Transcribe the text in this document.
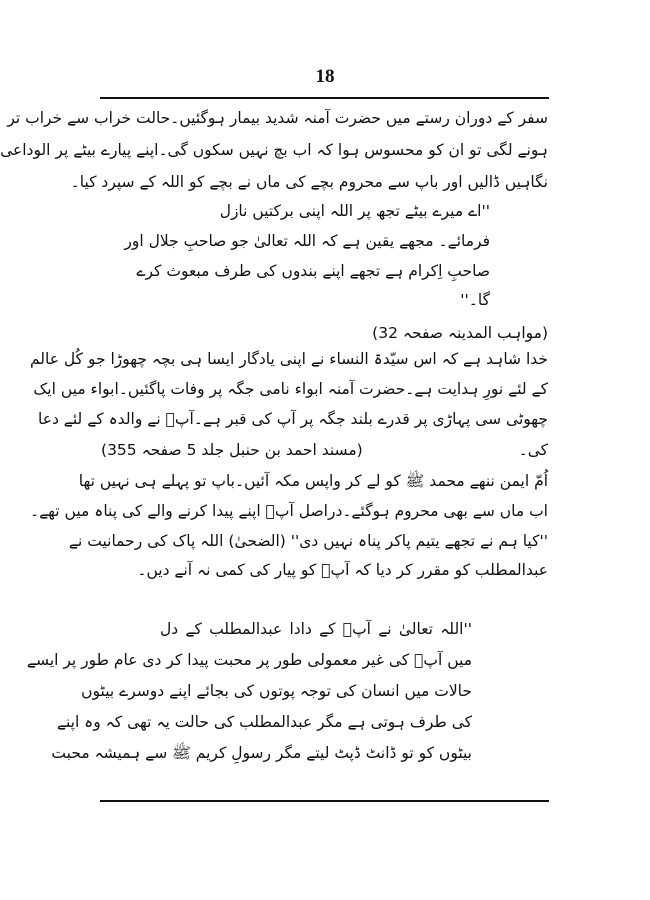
18
سفر کے دوران رستے میں حضرت آمنہ شدید بیمار ہوگئیں۔حالت خراب سے خراب تر
ہونے لگی تو ان کو محسوس ہوا کہ اب بچ نہیں سکوں گی۔اپنے پیارے بیٹے پر الوداعی
نگاہیں ڈالیں اور باپ سے محروم بچے کی ماں نے بچے کو اللہ کے سپرد کیا۔
''اے میرے بیٹے تجھ پر اللہ اپنی برکتیں نازل
فرمائے۔ مجھے یقین ہے کہ اللہ تعالیٰ جو صاحبِ جلال اور
صاحبِ اِکرام ہے تجھے اپنے بندوں کی طرف مبعوث کرے
گا۔''
(مواہب المدینہ صفحہ 32)
خدا شاہد ہے کہ اس سیّدۃ النساء نے اپنی یادگار ایسا ہی بچہ چھوڑا جو کُل عالم
کے لئے نورِ ہدایت ہے۔حضرت آمنہ ابواء نامی جگہ پر وفات پاگئیں۔ابواء میں ایک
چھوٹی سی پہاڑی پر قدرے بلند جگہ پر آپ کی قبر ہے۔آپؐ نے والدہ کے لئے دعا
کی۔
(مسند احمد بن حنبل جلد 5 صفحہ 355)
اُمّ ایمن ننھے محمد ﷺ کو لے کر واپس مکہ آئیں۔باپ تو پہلے ہی نہیں تھا
اب ماں سے بھی محروم ہوگئے۔دراصل آپؐ اپنے پیدا کرنے والے کی پناہ میں تھے۔
''کیا ہم نے تجھے یتیم پاکر پناہ نہیں دی'' (الضحیٰ) اللہ پاک کی رحمانیت نے
عبدالمطلب کو مقرر کر دیا کہ آپؐ کو پیار کی کمی نہ آنے دیں۔
''اللہ تعالیٰ نے آپؐ کے دادا عبدالمطلب کے دل
میں آپؐ کی غیر معمولی طور پر محبت پیدا کر دی عام طور پر ایسے
حالات میں انسان کی توجہ پوتوں کی بجائے اپنے دوسرے بیٹوں
کی طرف ہوتی ہے مگر عبدالمطلب کی حالت یہ تھی کہ وہ اپنے
بیٹوں کو تو ڈانٹ ڈپٹ لیتے مگر رسولِ کریم ﷺ سے ہمیشہ محبت
